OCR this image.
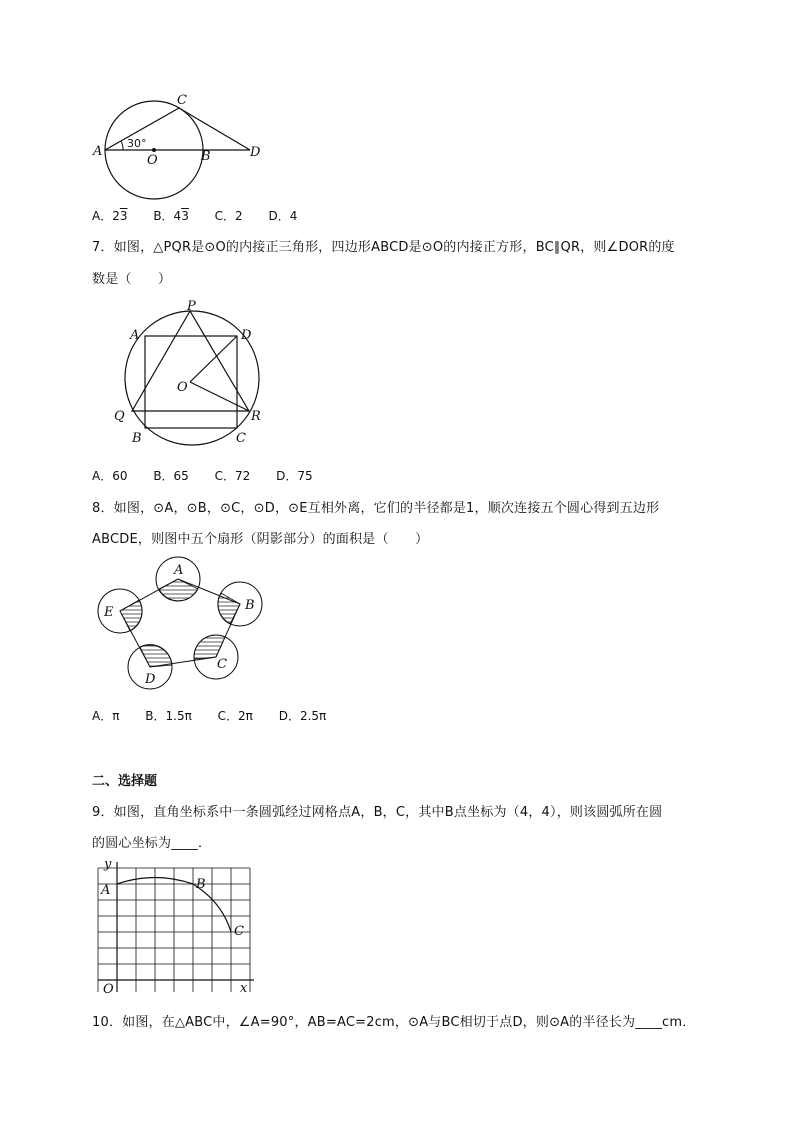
A
C
O	B	D
30°
A．23 B．43 C．2 D．4
7．如图，△PQR是⊙O的内接正三角形，四边形ABCD是⊙O的内接正方形，BC∥QR，则∠DOR的度
数是（　　）
P
A	D
O
Q	R
B	C
A．60 B．65 C．72 D．75
8．如图，⊙A，⊙B，⊙C，⊙D，⊙E互相外离，它们的半径都是1，顺次连接五个圆心得到五边形
ABCDE，则图中五个扇形（阴影部分）的面积是（　　）
A
B
C
D
E
A．π B．1.5π C．2π D．2.5π
二、选择题
9．如图，直角坐标系中一条圆弧经过网格点A，B，C，其中B点坐标为（4，4），则该圆弧所在圆
的圆心坐标为____．
y
x
O
A	B
C
10．如图，在△ABC中，∠A=90°，AB=AC=2cm，⊙A与BC相切于点D，则⊙A的半径长为____cm．
